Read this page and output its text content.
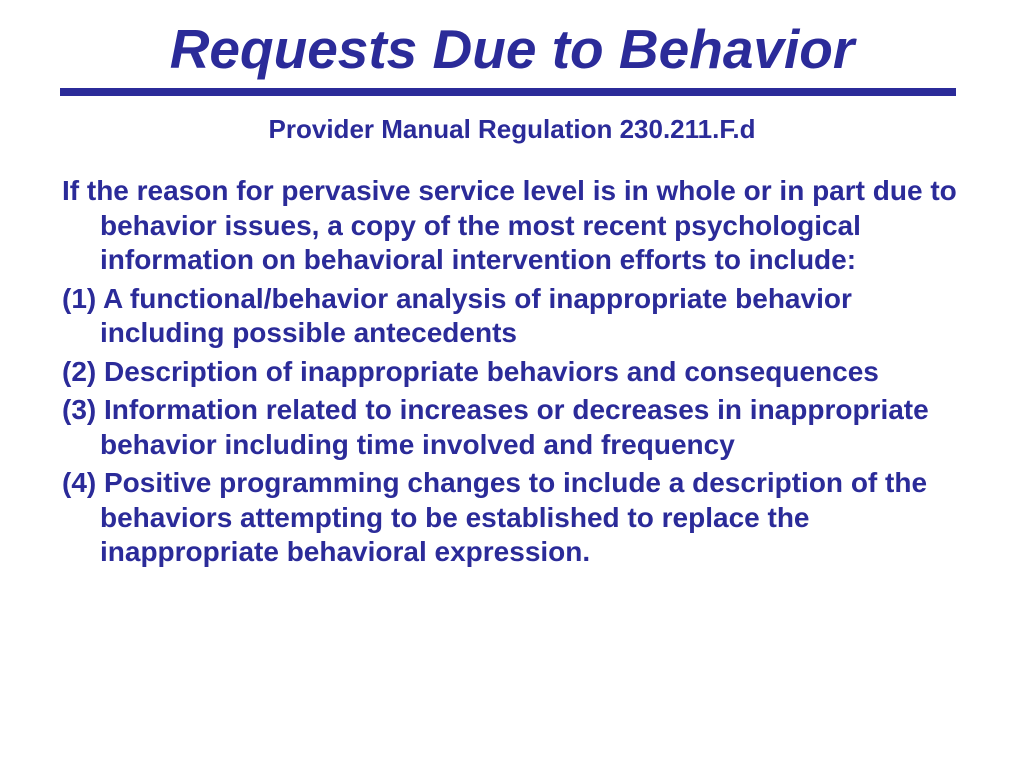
Requests Due to Behavior
Provider Manual Regulation 230.211.F.d
If the reason for pervasive service level is in whole or in part due to behavior issues, a copy of the most recent psychological information on behavioral intervention efforts to include:
(1) A functional/behavior analysis of inappropriate behavior including possible antecedents
(2) Description of inappropriate behaviors and consequences
(3) Information related to increases or decreases in inappropriate behavior including time involved and frequency
(4) Positive programming changes to include a description of the behaviors attempting to be established to replace the inappropriate behavioral expression.
